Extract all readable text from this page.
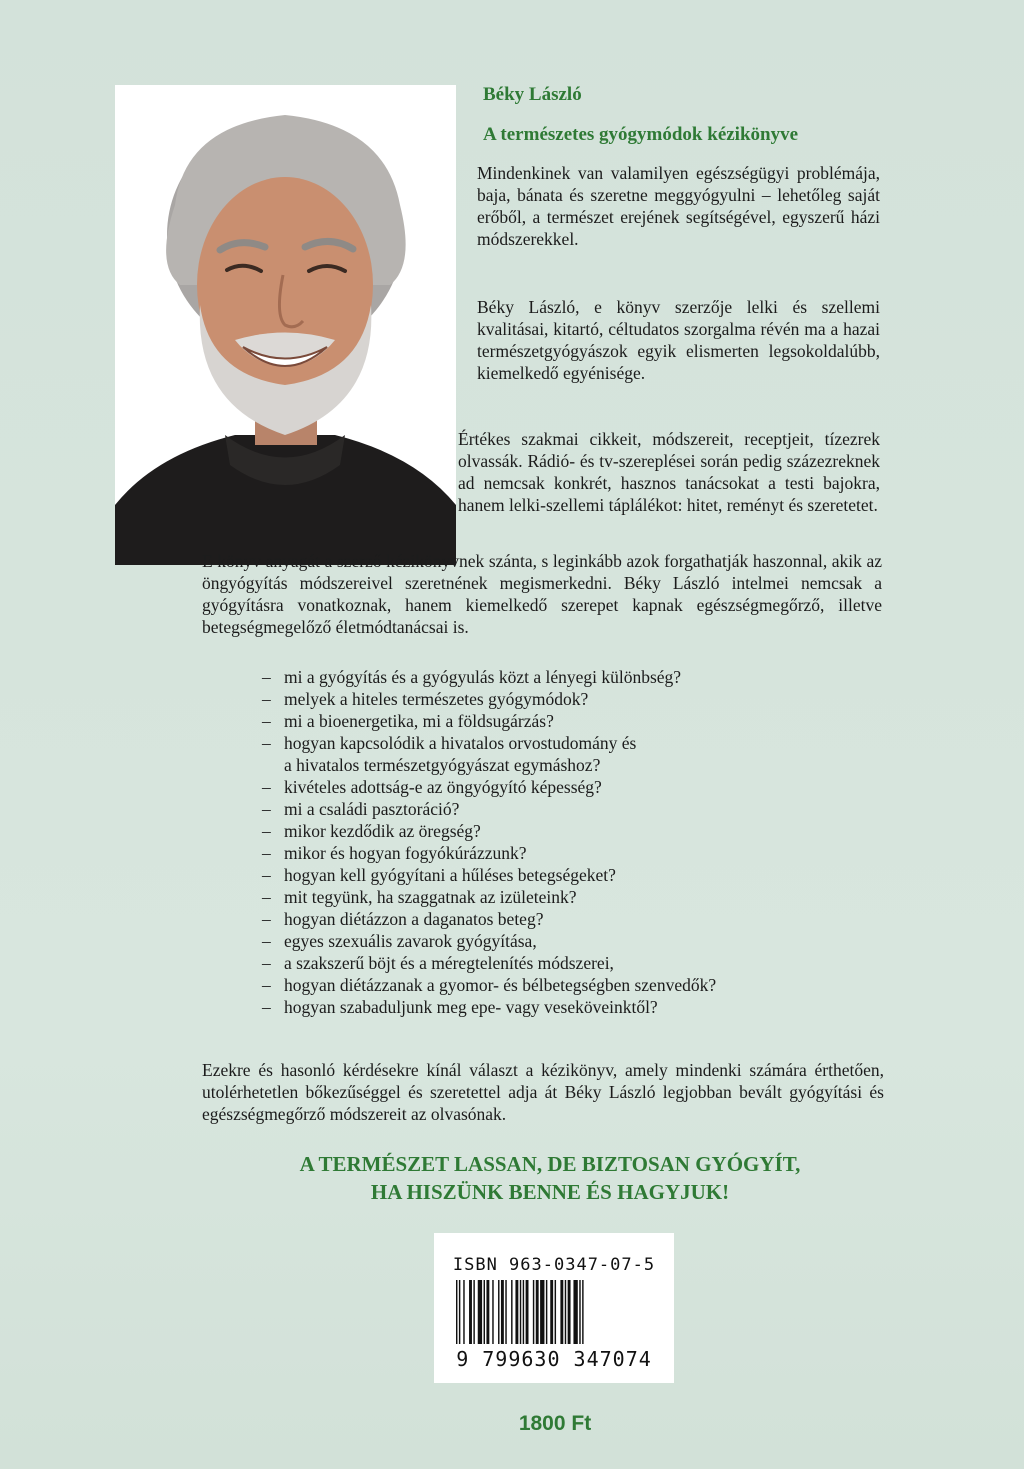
Béky László
A természetes gyógymódok kézikönyve

Mindenkinek van valamilyen egészségügyi problémája, baja, bánata és szeretne meggyógyulni – lehetőleg saját erőből, a természet erejének segítségével, egyszerű házi módszerekkel.

Béky László, e könyv szerzője lelki és szellemi kvalitásai, kitartó, céltudatos szorgalma révén ma a hazai természetgyógyászok egyik elismerten legsokoldalúbb, kiemelkedő egyénisége.

Értékes szakmai cikkeit, módszereit, receptjeit, tízezrek olvassák. Rádió- és tv-szereplései során pedig százezreknek ad nemcsak konkrét, hasznos tanácsokat a testi bajokra, hanem lelki-szellemi táplálékot: hitet, reményt és szeretetet.

E könyv anyagát a szerző kézikönyvnek szánta, s leginkább azok forgathatják haszonnal, akik az öngyógyítás módszereivel szeretnének megismerkedni. Béky László intelmei nemcsak a gyógyításra vonatkoznak, hanem kiemelkedő szerepet kapnak egészségmegőrző, illetve betegségmegelőző életmódtanácsai is.

– mi a gyógyítás és a gyógyulás közt a lényegi különbség?
– melyek a hiteles természetes gyógymódok?
– mi a bioenergetika, mi a földsugárzás?
– hogyan kapcsolódik a hivatalos orvostudomány és
a hivatalos természetgyógyászat egymáshoz?
– kivételes adottság-e az öngyógyító képesség?
– mi a családi pasztoráció?
– mikor kezdődik az öregség?
– mikor és hogyan fogyókúrázzunk?
– hogyan kell gyógyítani a hűléses betegségeket?
– mit tegyünk, ha szaggatnak az izületeink?
– hogyan diétázzon a daganatos beteg?
– egyes szexuális zavarok gyógyítása,
– a szakszerű böjt és a méregtelenítés módszerei,
– hogyan diétázzanak a gyomor- és bélbetegségben szenvedők?
– hogyan szabaduljunk meg epe- vagy veseköveinktől?

Ezekre és hasonló kérdésekre kínál választ a kézikönyv, amely mindenki számára érthetően, utolérhetetlen bőkezűséggel és szeretettel adja át Béky László legjobban bevált gyógyítási és egészségmegőrző módszereit az olvasónak.

A TERMÉSZET LASSAN, DE BIZTOSAN GYÓGYÍT,
HA HISZÜNK BENNE ÉS HAGYJUK!
ISBN 963-0347-07-5
9 799630 347074
1800 Ft
